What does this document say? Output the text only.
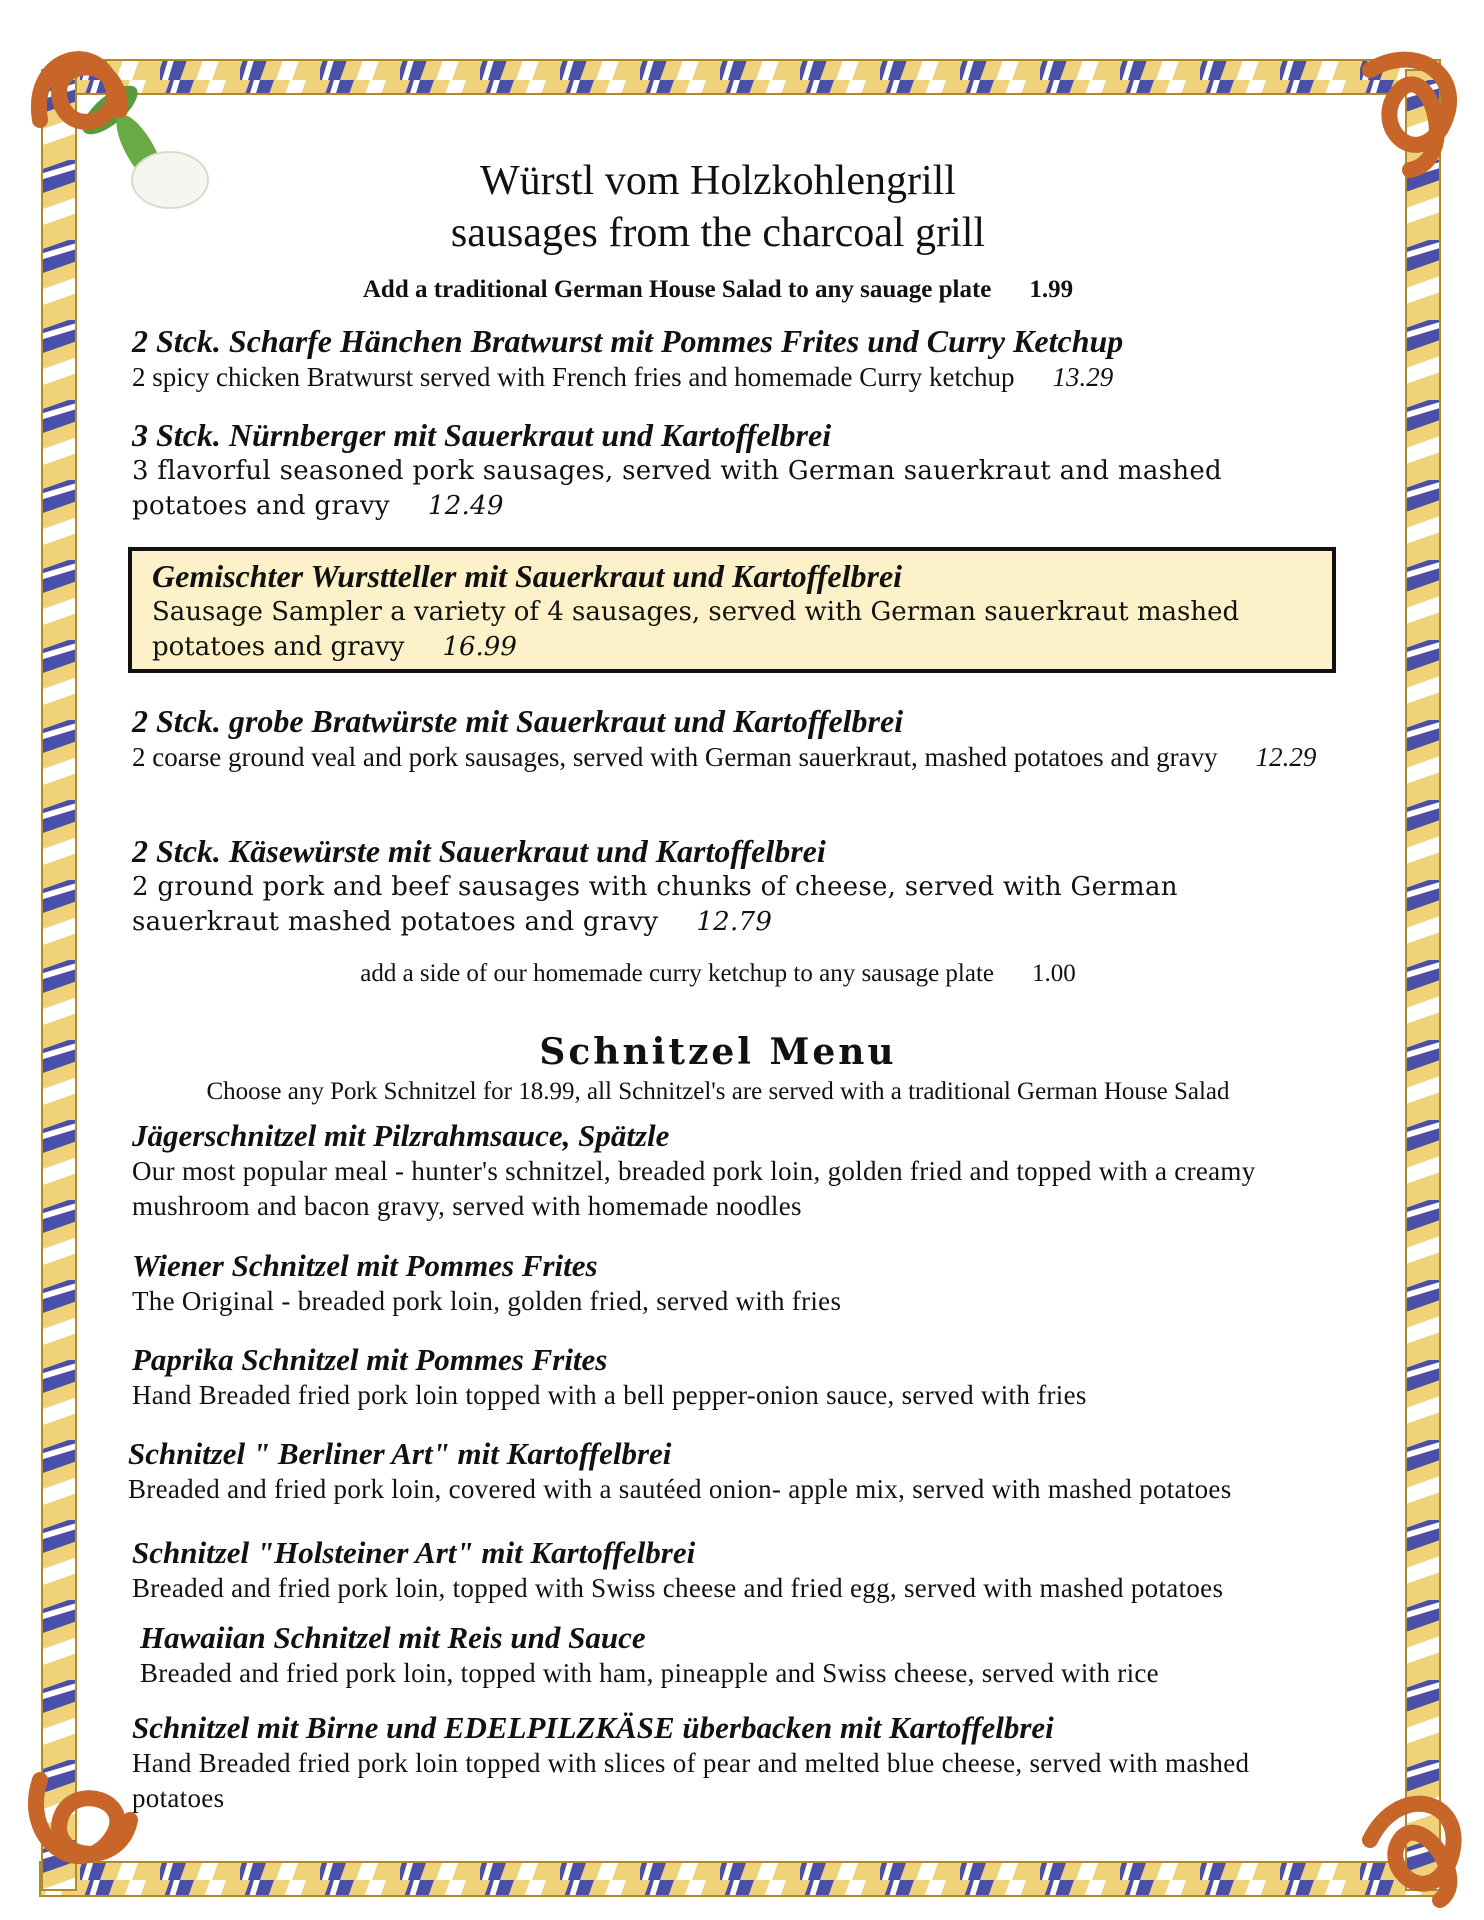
Würstl vom Holzkohlengrill
sausages from the charcoal grill
Add a traditional German House Salad to any sauage plate 1.99
2 Stck. Scharfe Hänchen Bratwurst mit Pommes Frites und Curry Ketchup
2 spicy chicken Bratwurst served with French fries and homemade Curry ketchup 13.29
3 Stck. Nürnberger mit Sauerkraut und Kartoffelbrei
3 flavorful seasoned pork sausages, served with German sauerkraut and mashed potatoes and gravy 12.49
Gemischter Wurstteller mit Sauerkraut und Kartoffelbrei
Sausage Sampler a variety of 4 sausages, served with German sauerkraut mashed potatoes and gravy 16.99
2 Stck. grobe Bratwürste mit Sauerkraut und Kartoffelbrei
2 coarse ground veal and pork sausages, served with German sauerkraut, mashed potatoes and gravy 12.29
2 Stck. Käsewürste mit Sauerkraut und Kartoffelbrei
2 ground pork and beef sausages with chunks of cheese, served with German sauerkraut mashed potatoes and gravy 12.79
add a side of our homemade curry ketchup to any sausage plate 1.00
Schnitzel Menu
Choose any Pork Schnitzel for 18.99, all Schnitzel's are served with a traditional German House Salad
Jägerschnitzel mit Pilzrahmsauce, Spätzle
Our most popular meal - hunter's schnitzel, breaded pork loin, golden fried and topped with a creamy mushroom and bacon gravy, served with homemade noodles
Wiener Schnitzel mit Pommes Frites
The Original - breaded pork loin, golden fried, served with fries
Paprika Schnitzel mit Pommes Frites
Hand Breaded fried pork loin topped with a bell pepper-onion sauce, served with fries
Schnitzel " Berliner Art" mit Kartoffelbrei
Breaded and fried pork loin, covered with a sautéed onion- apple mix, served with mashed potatoes
Schnitzel "Holsteiner Art" mit Kartoffelbrei
Breaded and fried pork loin, topped with Swiss cheese and fried egg, served with mashed potatoes
Hawaiian Schnitzel mit Reis und Sauce
Breaded and fried pork loin, topped with ham, pineapple and Swiss cheese, served with rice
Schnitzel mit Birne und EDELPILZKÄSE überbacken mit Kartoffelbrei
Hand Breaded fried pork loin topped with slices of pear and melted blue cheese, served with mashed potatoes
